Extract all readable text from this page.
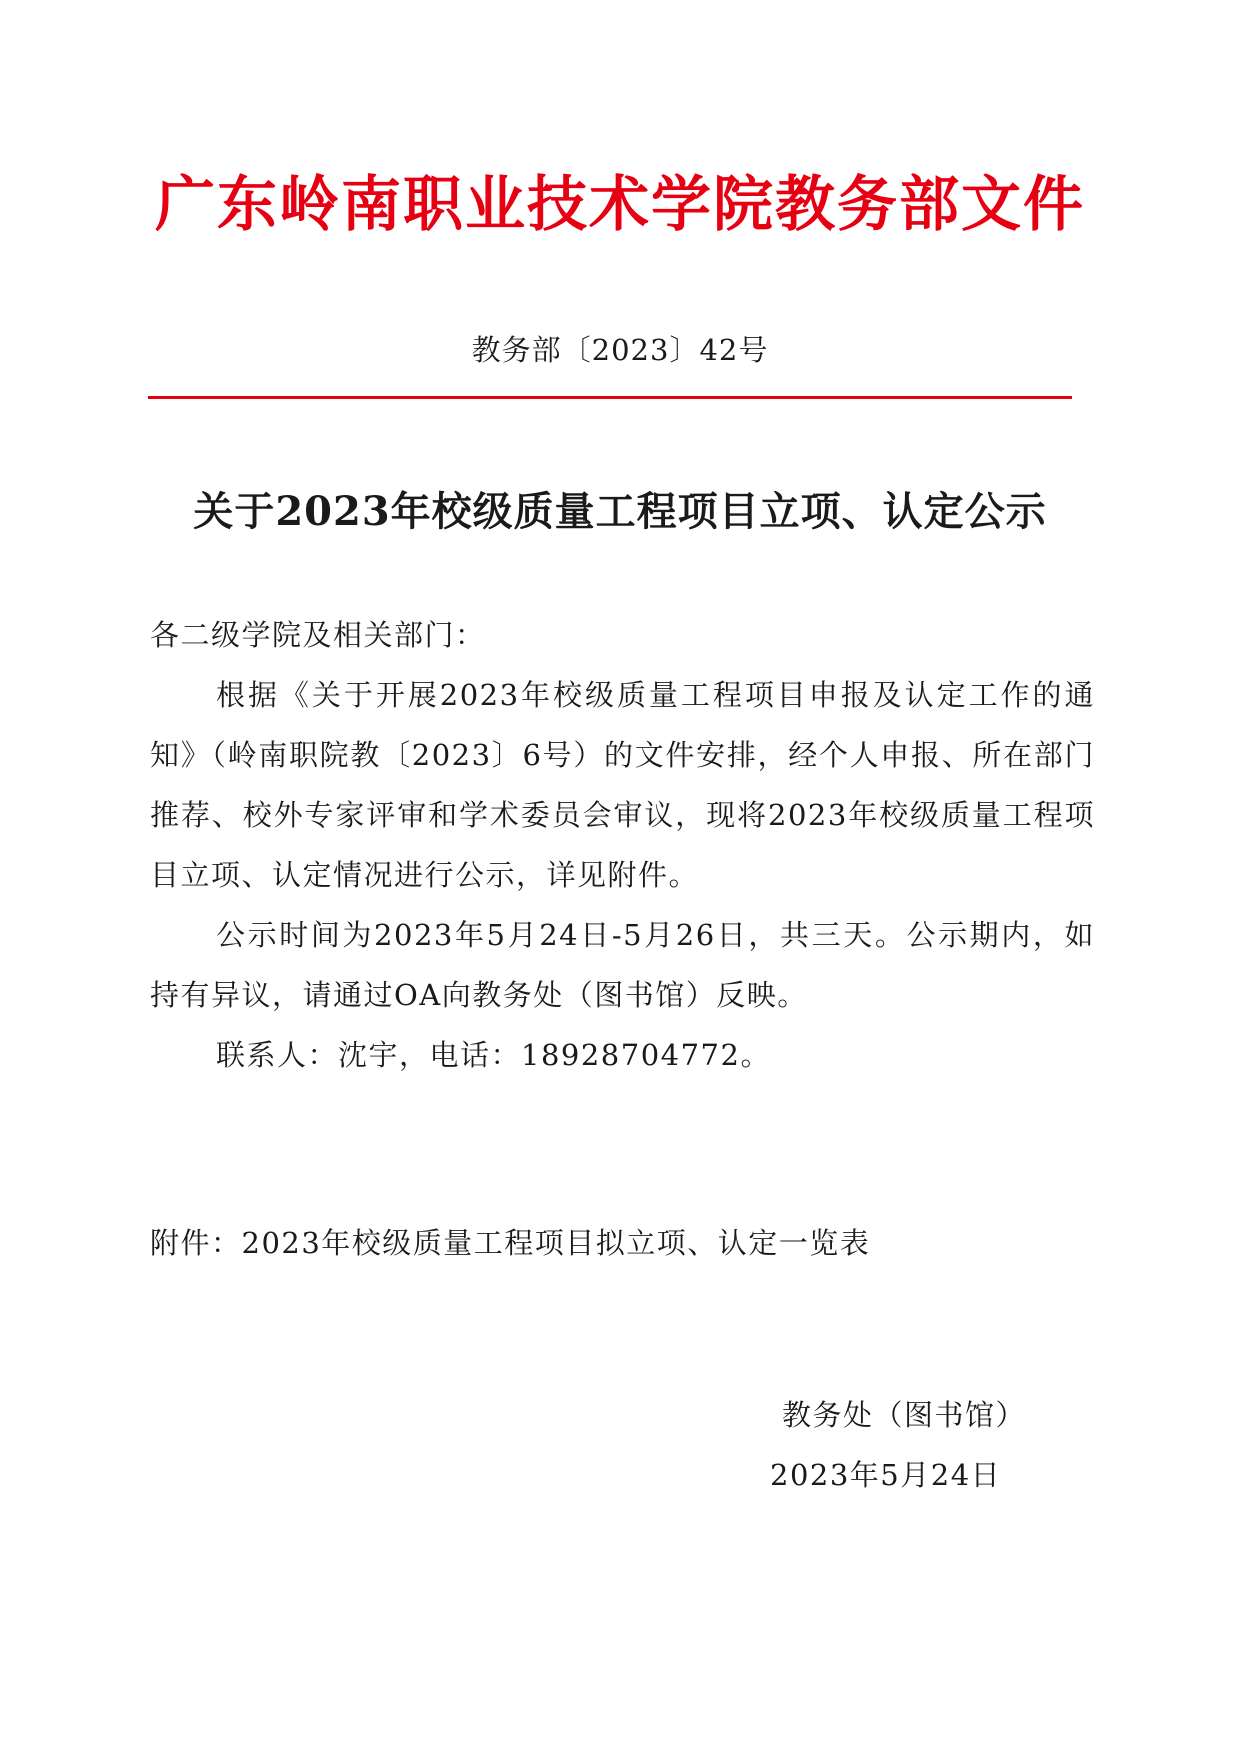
广东岭南职业技术学院教务部文件
教务部〔2023〕42号
关于2023年校级质量工程项目立项、认定公示
各二级学院及相关部门：
根据《关于开展2023年校级质量工程项目申报及认定工作的通知》（岭南职院教〔2023〕6号）的文件安排，经个人申报、所在部门推荐、校外专家评审和学术委员会审议，现将2023年校级质量工程项目立项、认定情况进行公示，详见附件。
公示时间为2023年5月24日-5月26日，共三天。公示期内，如持有异议，请通过OA向教务处（图书馆）反映。
联系人：沈宇，电话：18928704772。
附件：2023年校级质量工程项目拟立项、认定一览表
教务处（图书馆）
2023年5月24日
